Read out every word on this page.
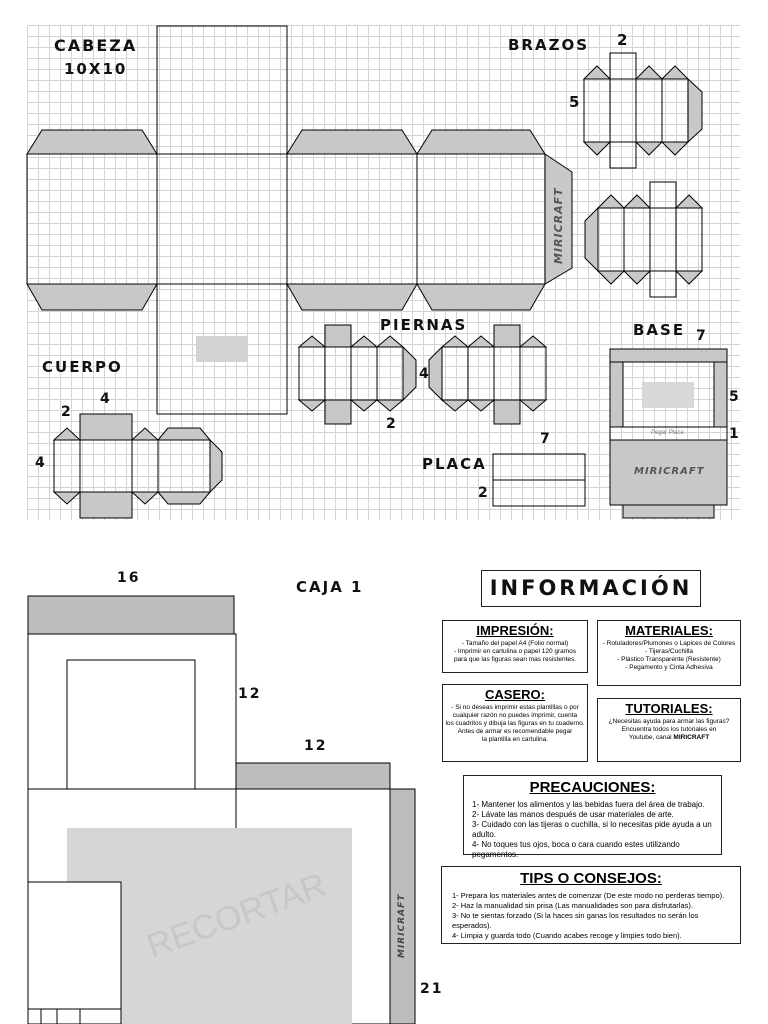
CABEZA
10X10
BRAZOS 2
5
CUERPO
4
2
4
PIERNAS
4
2
BASE 7
5
1
PLACA
7
2
Pegar Placa
MIRICRAFT
MIRICRAFT
16	CAJA 1
12
12
21
RECORTAR	MIRICRAFT
INFORMACIÓN
IMPRESIÓN:

- Tamaño del papel A4 (Folio normal)
- Imprimir en cartulina o papel 120 gramos
para que las figuras sean mas resistentes.

MATERIALES:

- Rotuladores/Plumones o Lapices de Colores
- Tijeras/Cuchilla
- Plástico Transparente (Resistente)
- Pegamento y Cinta Adhesiva

CASERO:

- Si no deseas imprimir estas plantillas o por
cualquier razón no puedes imprimir, cuenta
los cuadritos y dibuja las figuras en tu cuaderno.
Antes de armar es recomendable pegar
la plantilla en cartulina.

TUTORIALES:

¿Necesitas ayuda para armar las figuras?
Encuentra todos los tutoriales en
Youtube, canal MIRICRAFT

PRECAUCIONES:

1- Mantener los alimentos y las bebidas fuera del área de trabajo.
2- Lávate las manos después de usar materiales de arte.
3- Cuidado con las tijeras o cuchilla, si lo necesitas pide ayuda a un adulto.
4- No toques tus ojos, boca o cara cuando estes utilizando pegamentos.

TIPS O CONSEJOS:

1- Prepara los materiales antes de comenzar (De este modo no perderas tiempo).
2- Haz la manualidad sin prisa (Las manualidades son para disfrutarlas).
3- No te sientas forzado (Si la haces sin ganas los resultados no serán los esperados).
4- Limpia y guarda todo (Cuando acabes recoge y limpies todo bien).
